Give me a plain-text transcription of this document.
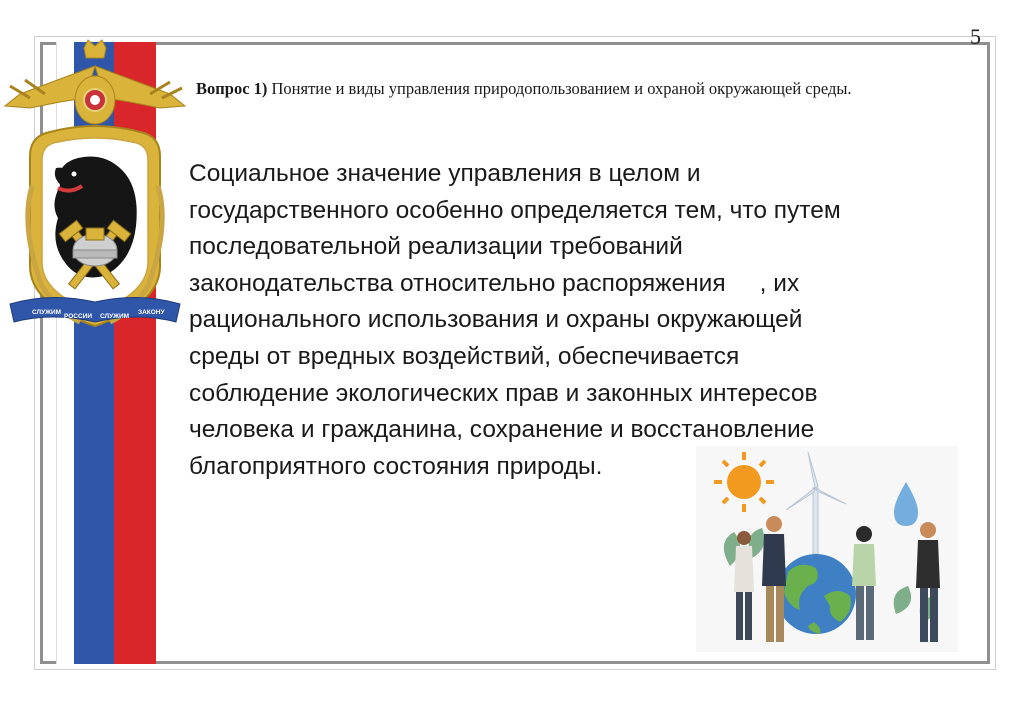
СЛУЖИМ
РОССИИ СЛУЖИМ
ЗАКОНУ
5
Вопрос 1) Понятие и виды управления природопользованием и охраной окружающей среды.
Социальное значение управления в целом и
государственного особенно определяется тем, что путем
последовательной реализации требований
законодательства относительно распоряжения     , их
рационального использования и охраны окружающей
среды от вредных воздействий, обеспечивается
соблюдение экологических прав и законных интересов
человека и гражданина, сохранение и восстановление
благоприятного состояния природы.
